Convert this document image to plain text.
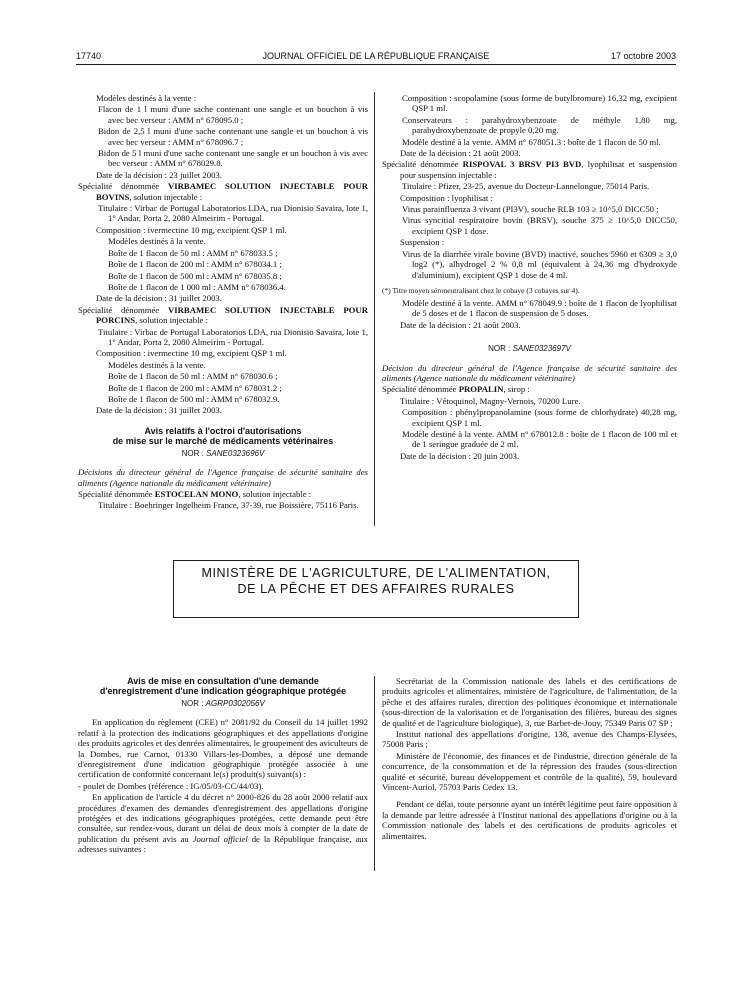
17740	JOURNAL OFFICIEL DE LA RÉPUBLIQUE FRANÇAISE	17 octobre 2003

Modèles destinés à la vente :

Flacon de 1 l muni d'une sache contenant une sangle et un bouchon à vis avec bec verseur : AMM n° 678095.0 ;

Bidon de 2,5 l muni d'une sache contenant une sangle et un bouchon à vis avec bec verseur : AMM n° 678096.7 ;

Bidon de 5 l muni d'une sache contenant une sangle et un bouchon à vis avec bec verseur : AMM n° 678029.8.

Date de la décision : 23 juillet 2003.

Spécialité dénommée VIRBAMEC SOLUTION INJECTABLE POUR BOVINS, solution injectable :

Titulaire : Virbac de Portugal Laboratorios LDA, rua Dionisio Savaira, lote 1, 1° Andar, Porta 2, 2080 Almeirim - Portugal.

Composition : ivermectine 10 mg, excipient QSP 1 ml.

Modèles destinés à la vente.

Boîte de 1 flacon de 50 ml : AMM n° 678033.5 ;

Boîte de 1 flacon de 200 ml : AMM n° 678034.1 ;

Boîte de 1 flacon de 500 ml : AMM n° 678035.8 ;

Boîte de 1 flacon de 1 000 ml : AMM n° 678036.4.

Date de la décision : 31 juillet 2003.

Spécialité dénommée VIRBAMEC SOLUTION INJECTABLE POUR PORCINS, solution injectable :

Titulaire : Virbac de Portugal Laboratorios LDA, rua Dionisio Savaira, lote 1, 1° Andar, Porta 2, 2080 Almeirim - Portugal.

Composition : ivermectine 10 mg, excipient QSP 1 ml.

Modèles destinés à la vente.

Boîte de 1 flacon de 50 ml : AMM n° 678030.6 ;

Boîte de 1 flacon de 200 ml : AMM n° 678031.2 ;

Boîte de 1 flacon de 500 ml : AMM n° 678032.9.

Date de la décision : 31 juillet 2003.

Avis relatifs à l'octroi d'autorisations
de mise sur le marché de médicaments vétérinaires
NOR : SANE0323696V

Décisions du directeur général de l'Agence française de sécurité sanitaire des aliments (Agence nationale du médicament vétérinaire)

Spécialité dénommée ESTOCELAN MONO, solution injectable :

Titulaire : Boehringer Ingelheim France, 37-39, rue Boissière, 75116 Paris.

Composition : scopolamine (sous forme de butylbromure) 16,32 mg, excipient QSP 1 ml.

Conservateurs : parahydroxybenzoate de méthyle 1,80 mg, parahydroxybenzoate de propyle 0,20 mg.

Modèle destiné à la vente. AMM n° 678051.3 : boîte de 1 flacon de 50 ml.

Date de la décision : 21 août 2003.

Spécialité dénommée RISPOVAL 3 BRSV PI3 BVD, lyophilisat et suspension pour suspension injectable :

Titulaire : Pfizer, 23-25, avenue du Docteur-Lannelongue, 75014 Paris.

Composition : lyophilisat :

Virus parainfluenza 3 vivant (PI3V), souche RLB 103 ≥ 10^5,0 DICC50 ;

Virus syncitial respiratoire bovin (BRSV), souche 375 ≥ 10^5,0 DICC50, excipient QSP 1 dose.

Suspension :

Virus de la diarrhée virale bovine (BVD) inactivé, souches 5960 et 6309 ≥ 3,0 log2 (*), alhydrogel 2 % 0,8 ml (équivalent à 24,36 mg d'hydroxyde d'aluminium), excipient QSP 1 dose de 4 ml.

(*) Titre moyen séroneutralisant chez le cobaye (3 cobayes sur 4).

Modèle destiné à la vente. AMM n° 678049.9 : boîte de 1 flacon de lyophilisat de 5 doses et de 1 flacon de suspension de 5 doses.

Date de la décision : 21 août 2003.

NOR : SANE0323697V

Décision du directeur général de l'Agence française de sécurité sanitaire des aliments (Agence nationale du médicament vétérinaire)

Spécialité dénommée PROPALIN, sirop :

Titulaire : Vétoquinol, Magny-Vernois, 70200 Lure.

Composition : phénylpropanolamine (sous forme de chlorhydrate) 40,28 mg, excipient QSP 1 ml.

Modèle destiné à la vente. AMM n° 678012.8 : boîte de 1 flacon de 100 ml et de 1 seringue graduée de 2 ml.

Date de la décision : 20 juin 2003.

MINISTÈRE DE L'AGRICULTURE, DE L'ALIMENTATION,
DE LA PÊCHE ET DES AFFAIRES RURALES
Avis de mise en consultation d'une demande
d'enregistrement d'une indication géographique protégée
NOR : AGRP0302056V

En application du règlement (CEE) n° 2081/92 du Conseil du 14 juillet 1992 relatif à la protection des indications géographiques et des appellations d'origine des produits agricoles et des denrées alimentaires, le groupement des aviculteurs de la Dombes, rue Carnot, 01330 Villars-les-Dombes, a déposé une demande d'enregistrement d'une indication géographique protégée associée à une certification de conformité concernant le(s) produit(s) suivant(s) :

- poulet de Dombes (référence : IG/05/03-CC/44/03).

En application de l'article 4 du décret n° 2000-826 du 28 août 2000 relatif aux procédures d'examen des demandes d'enregistrement des appellations d'origine protégées et des indications géographiques protégées, cette demande peut être consultée, sur rendez-vous, durant un délai de deux mois à compter de la date de publication du présent avis au Journal officiel de la République française, aux adresses suivantes :

Secrétariat de la Commission nationale des labels et des certifications de produits agricoles et alimentaires, ministère de l'agriculture, de l'alimentation, de la pêche et des affaires rurales, direction des politiques économique et internationale (sous-direction de la valorisation et de l'organisation des filières, bureau des signes de qualité et de l'agriculture biologique), 3, rue Barbet-de-Jouy, 75349 Paris 07 SP ;

Institut national des appellations d'origine, 138, avenue des Champs-Elysées, 75008 Paris ;

Ministère de l'économie, des finances et de l'industrie, direction générale de la concurrence, de la consommation et de la répression des fraudes (sous-direction qualité et sécurité, bureau développement et contrôle de la qualité), 59, boulevard Vincent-Auriol, 75703 Paris Cedex 13.

Pendant ce délai, toute personne ayant un intérêt légitime peut faire opposition à la demande par lettre adressée à l'Institut national des appellations d'origine ou à la Commission nationale des labels et des certifications de produits agricoles et alimentaires.
